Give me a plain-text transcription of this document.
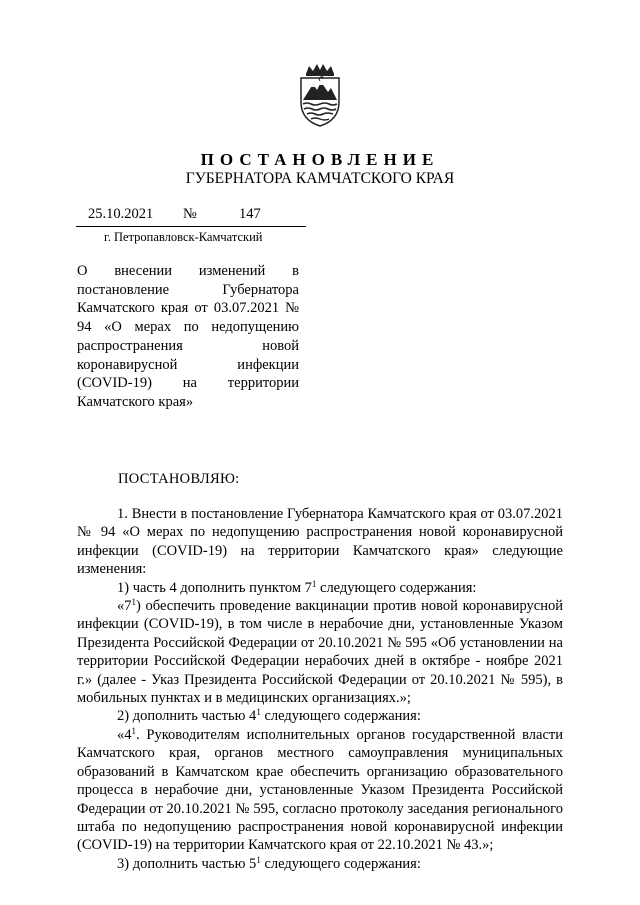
ПОСТАНОВЛЕНИЕ
ГУБЕРНАТОРА КАМЧАТСКОГО КРАЯ
25.10.2021 №	147
г. Петропавловск-Камчатский
О внесении изменений в постановление Губернатора Камчатского края от 03.07.2021 № 94 «О мерах по недопущению распространения новой коронавирусной инфекции (COVID-19) на территории
Камчатского края»
ПОСТАНОВЛЯЮ:

1. Внести в постановление Губернатора Камчатского края от 03.07.2021 № 94 «О мерах по недопущению распространения новой коронавирусной инфекции (COVID-19) на территории Камчатского края» следующие изменения:

1) часть 4 дополнить пунктом $7^1$ следующего содержания:

«$7^1$) обеспечить проведение вакцинации против новой коронавирусной инфекции (COVID-19), в том числе в нерабочие дни, установленные Указом Президента Российской Федерации от 20.10.2021 № 595 «Об установлении на территории Российской Федерации нерабочих дней в октябре - ноябре 2021 г.» (далее - Указ Президента Российской Федерации от 20.10.2021 № 595), в мобильных пунктах и в медицинских организациях.»;

2) дополнить частью $4^1$ следующего содержания:

«$4^1$. Руководителям исполнительных органов государственной власти Камчатского края, органов местного самоуправления муниципальных образований в Камчатском крае обеспечить организацию образовательного процесса в нерабочие дни, установленные Указом Президента Российской Федерации от 20.10.2021 № 595, согласно протоколу заседания регионального штаба по недопущению распространения новой коронавирусной инфекции (COVID-19) на территории Камчатского края от 22.10.2021 № 43.»;

3) дополнить частью $5^1$ следующего содержания:
